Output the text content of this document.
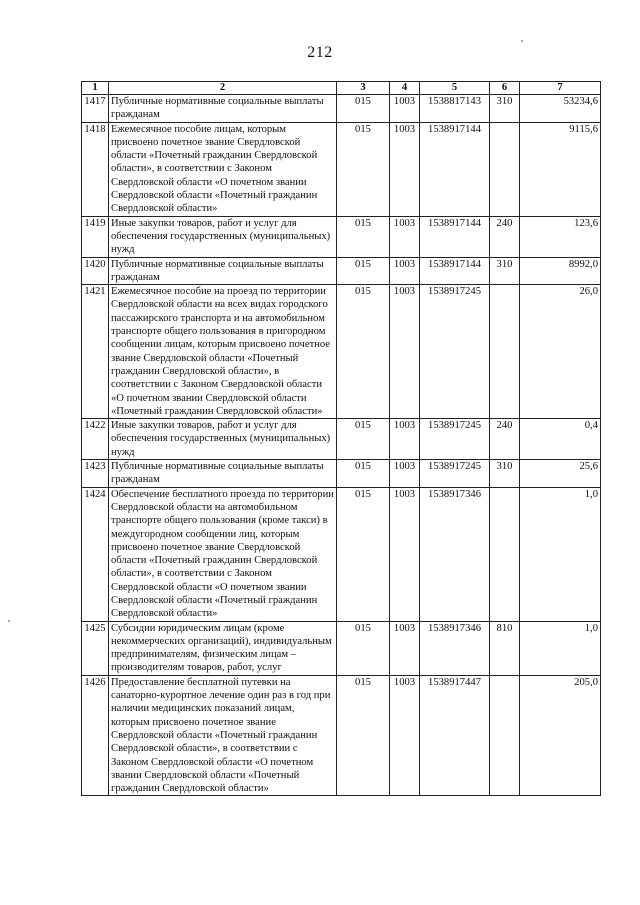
212
1	2	3	4	5	6	7
1417	Публичные нормативные социальные выплаты гражданам	015	1003	1538817143	310	53234,6
1418	Ежемесячное пособие лицам, которым присвоено почетное звание Свердловской области «Почетный гражданин Свердловской области», в соответствии с Законом Свердловской области «О почетном звании Свердловской области «Почетный гражданин Свердловской области»	015	1003	1538917144		9115,6
1419	Иные закупки товаров, работ и услуг для обеспечения государственных (муниципальных) нужд	015	1003	1538917144	240	123,6
1420	Публичные нормативные социальные выплаты гражданам	015	1003	1538917144	310	8992,0
1421	Ежемесячное пособие на проезд по территории Свердловской области на всех видах городского пассажирского транспорта и на автомобильном транспорте общего пользования в пригородном сообщении лицам, которым присвоено почетное звание Свердловской области «Почетный гражданин Свердловской области», в соответствии с Законом Свердловской области «О почетном звании Свердловской области «Почетный гражданин Свердловской области»	015	1003	1538917245		26,0
1422	Иные закупки товаров, работ и услуг для обеспечения государственных (муниципальных) нужд	015	1003	1538917245	240	0,4
1423	Публичные нормативные социальные выплаты гражданам	015	1003	1538917245	310	25,6
1424	Обеспечение бесплатного проезда по территории Свердловской области на автомобильном транспорте общего пользования (кроме такси) в междугородном сообщении лиц, которым присвоено почетное звание Свердловской области «Почетный гражданин Свердловской области», в соответствии с Законом Свердловской области «О почетном звании Свердловской области «Почетный гражданин Свердловской области»	015	1003	1538917346		1,0
1425	Субсидии юридическим лицам (кроме некоммерческих организаций), индивидуальным предпринимателям, физическим лицам – производителям товаров, работ, услуг	015	1003	1538917346	810	1,0
1426	Предоставление бесплатной путевки на санаторно-курортное лечение один раз в год при наличии медицинских показаний лицам, которым присвоено почетное звание Свердловской области «Почетный гражданин Свердловской области», в соответствии с Законом Свердловской области «О почетном звании Свердловской области «Почетный гражданин Свердловской области»	015	1003	1538917447		205,0
